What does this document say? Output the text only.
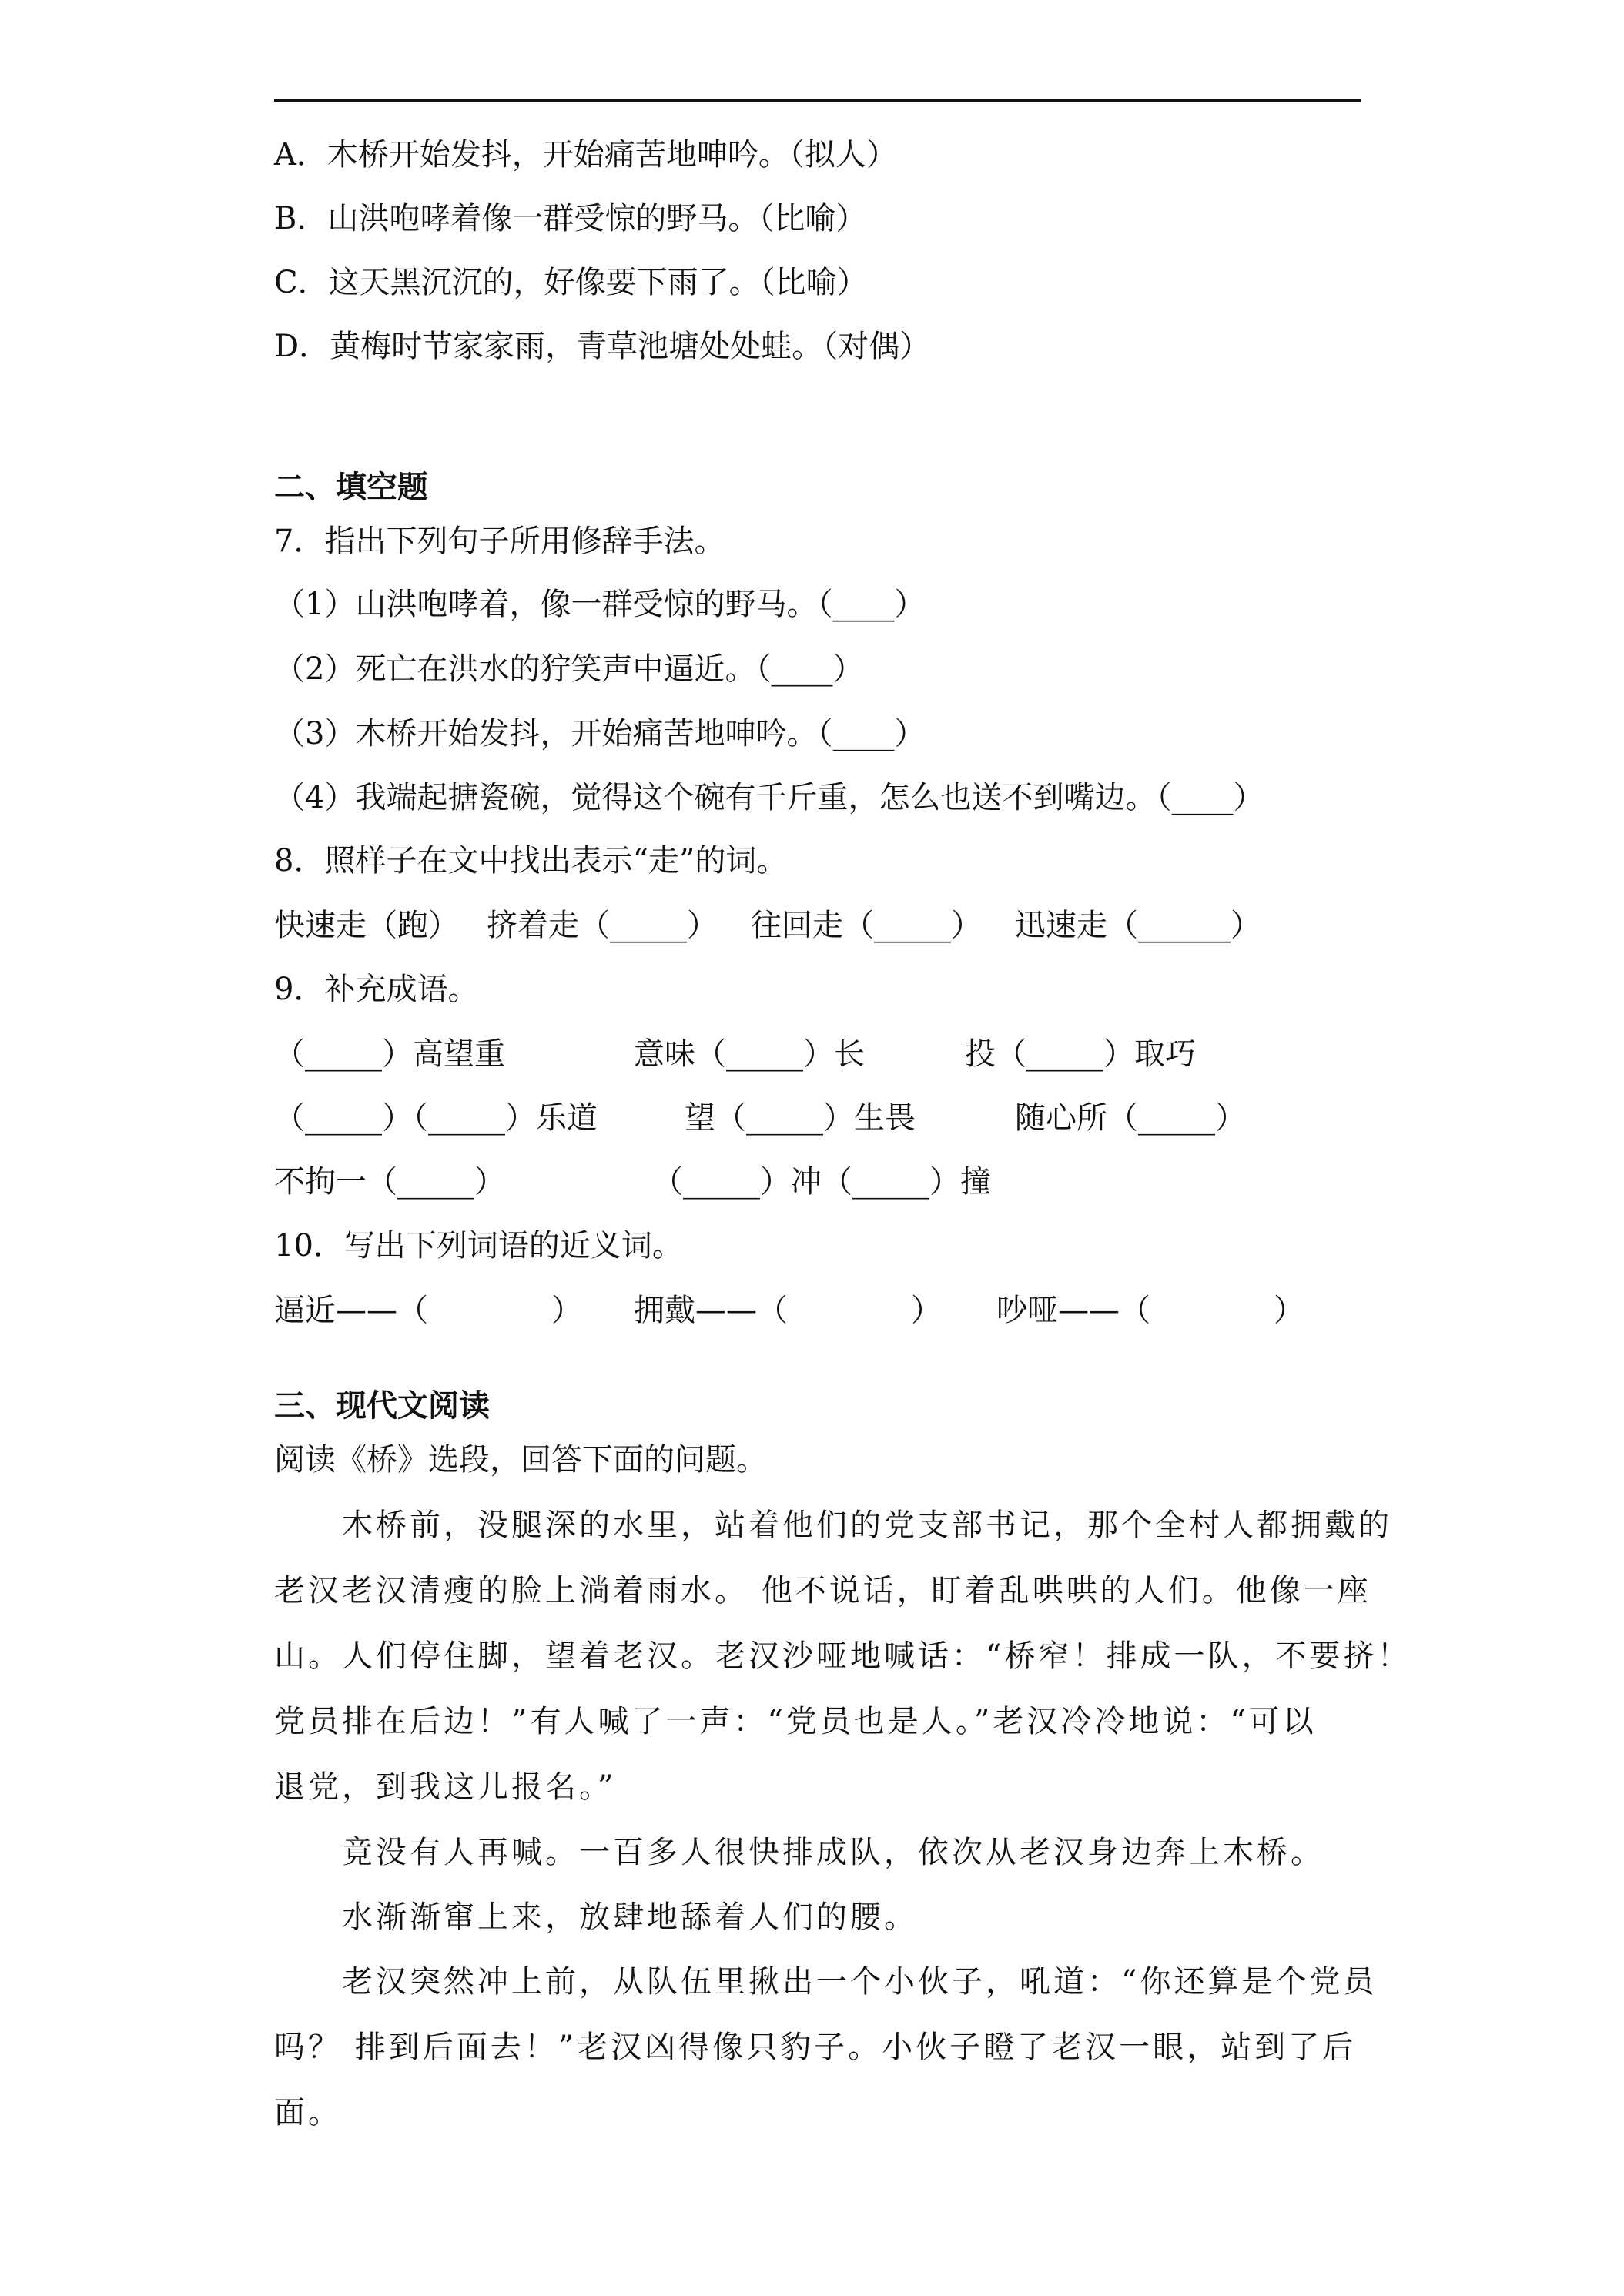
A．木桥开始发抖，开始痛苦地呻吟。（拟人）
B．山洪咆哮着像一群受惊的野马。（比喻）
C．这天黑沉沉的，好像要下雨了。（比喻）
D．黄梅时节家家雨，青草池塘处处蛙。（对偶）
二、填空题
7．指出下列句子所用修辞手法。
（1）山洪咆哮着，像一群受惊的野马。（____）
（2）死亡在洪水的狞笑声中逼近。（____）
（3）木桥开始发抖，开始痛苦地呻吟。（____）
（4）我端起搪瓷碗，觉得这个碗有千斤重，怎么也送不到嘴边。（____）
8．照样子在文中找出表示“走”的词。
快速走（跑） 挤着走（_____） 往回走（_____） 迅速走（______）
9．补充成语。
（_____）高望重	意味（_____）长	投（_____）取巧
（_____）（_____）乐道	望（_____）生畏	随心所（_____）
不拘一（_____）	（_____）冲（_____）撞
10．写出下列词语的近义词。
逼近——（　　　　） 拥戴——（　　　　） 吵哑——（　　　　）
三、现代文阅读
阅读《桥》选段，回答下面的问题。
　　木桥前，没腿深的水里，站着他们的党支部书记，那个全村人都拥戴的
老汉老汉清瘦的脸上淌着雨水。 他不说话，盯着乱哄哄的人们。他像一座
山。人们停住脚，望着老汉。老汉沙哑地喊话：“桥窄！排成一队，不要挤！
党员排在后边！”有人喊了一声：“党员也是人。”老汉冷冷地说：“可以
退党，到我这儿报名。”
　　竟没有人再喊。一百多人很快排成队，依次从老汉身边奔上木桥。
　　水渐渐窜上来，放肆地舔着人们的腰。
　　老汉突然冲上前，从队伍里揪出一个小伙子，吼道：“你还算是个党员
吗？ 排到后面去！”老汉凶得像只豹子。小伙子瞪了老汉一眼，站到了后
面。
